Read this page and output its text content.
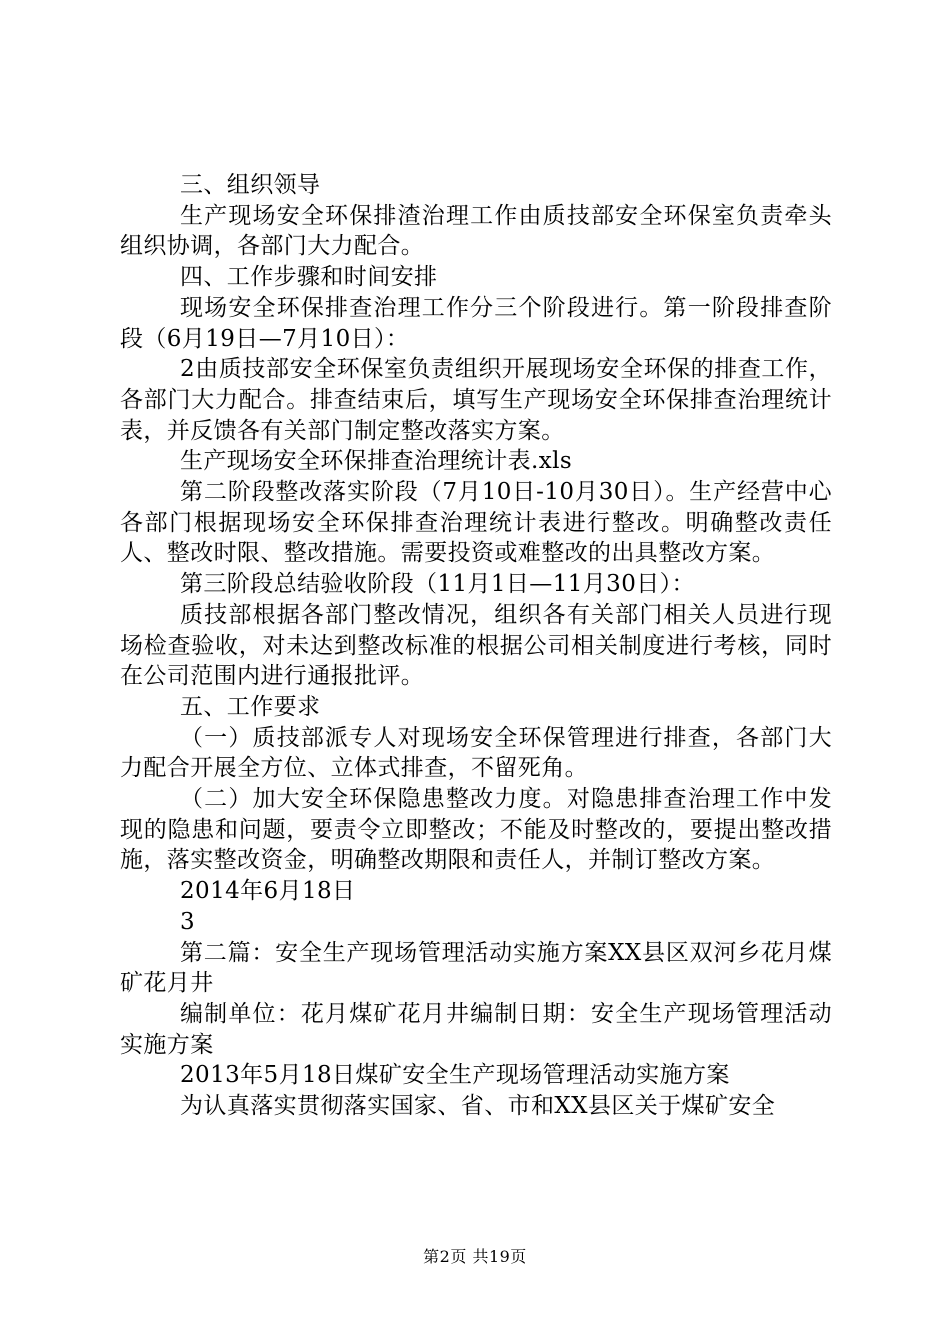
三、组织领导

生产现场安全环保排渣治理工作由质技部安全环保室负责牵头组织协调，各部门大力配合。

四、工作步骤和时间安排

现场安全环保排查治理工作分三个阶段进行。第一阶段排查阶段（6月19日—7月10日）：

2由质技部安全环保室负责组织开展现场安全环保的排查工作，各部门大力配合。排查结束后，填写生产现场安全环保排查治理统计表，并反馈各有关部门制定整改落实方案。

生产现场安全环保排查治理统计表.xls

第二阶段整改落实阶段（7月10日-10月30日）。生产经营中心各部门根据现场安全环保排查治理统计表进行整改。明确整改责任人、整改时限、整改措施。需要投资或难整改的出具整改方案。

第三阶段总结验收阶段（11月1日—11月30日）：

质技部根据各部门整改情况，组织各有关部门相关人员进行现场检查验收，对未达到整改标准的根据公司相关制度进行考核，同时在公司范围内进行通报批评。

五、工作要求

（一）质技部派专人对现场安全环保管理进行排查，各部门大力配合开展全方位、立体式排查，不留死角。

（二）加大安全环保隐患整改力度。对隐患排查治理工作中发现的隐患和问题，要责令立即整改；不能及时整改的，要提出整改措施，落实整改资金，明确整改期限和责任人，并制订整改方案。

2014年6月18日

3

第二篇：安全生产现场管理活动实施方案XX县区双河乡花月煤矿花月井

编制单位：花月煤矿花月井编制日期：安全生产现场管理活动实施方案

2013年5月18日煤矿安全生产现场管理活动实施方案

为认真落实贯彻落实国家、省、市和XX县区关于煤矿安全

第2页 共19页
